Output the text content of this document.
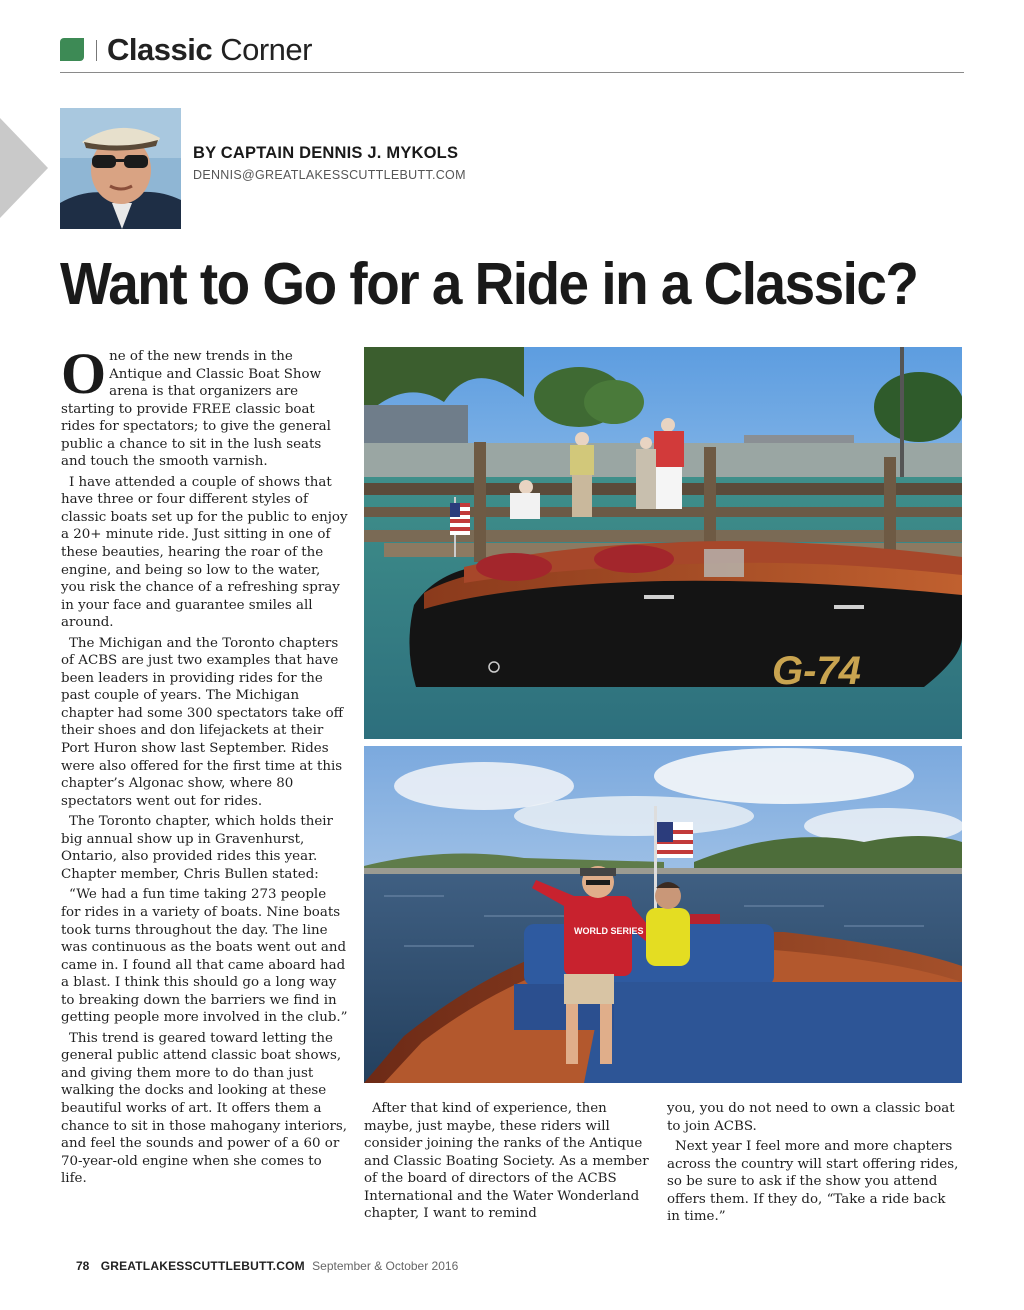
Classic Corner
BY CAPTAIN DENNIS J. MYKOLS
DENNIS@GREATLAKESSCUTTLEBUTT.COM
Want to Go for a Ride in a Classic?

One of the new trends in the Antique and Classic Boat Show arena is that organizers are starting to provide FREE classic boat rides for spectators; to give the general public a chance to sit in the lush seats and touch the smooth varnish.

I have attended a couple of shows that have three or four different styles of classic boats set up for the public to enjoy a 20+ minute ride. Just sitting in one of these beauties, hearing the roar of the engine, and being so low to the water, you risk the chance of a refreshing spray in your face and guarantee smiles all around.

The Michigan and the Toronto chapters of ACBS are just two examples that have been leaders in providing rides for the past couple of years. The Michigan chapter had some 300 spectators take off their shoes and don lifejackets at their Port Huron show last September. Rides were also offered for the first time at this chapter’s Algonac show, where 80 spectators went out for rides.

The Toronto chapter, which holds their big annual show up in Gravenhurst, Ontario, also provided rides this year. Chapter member, Chris Bullen stated:

“We had a fun time taking 273 people for rides in a variety of boats. Nine boats took turns throughout the day. The line was continuous as the boats went out and came in. I found all that came aboard had a blast. I think this should go a long way to breaking down the barriers we find in getting people more involved in the club.”

This trend is geared toward letting the general public attend classic boat shows, and giving them more to do than just walking the docks and looking at these beautiful works of art. It offers them a chance to sit in those mahogany interiors, and feel the sounds and power of a 60 or 70-year-old engine when she comes to life.

G-74
WORLD SERIES

After that kind of experience, then maybe, just maybe, these riders will consider joining the ranks of the Antique and Classic Boating Society. As a member of the board of directors of the ACBS International and the Water Wonderland chapter, I want to remind

you, you do not need to own a classic boat to join ACBS.

Next year I feel more and more chapters across the country will start offering rides, so be sure to ask if the show you attend offers them. If they do, “Take a ride back in time.”

78 GREATLAKESSCUTTLEBUTT.COM September & October 2016
